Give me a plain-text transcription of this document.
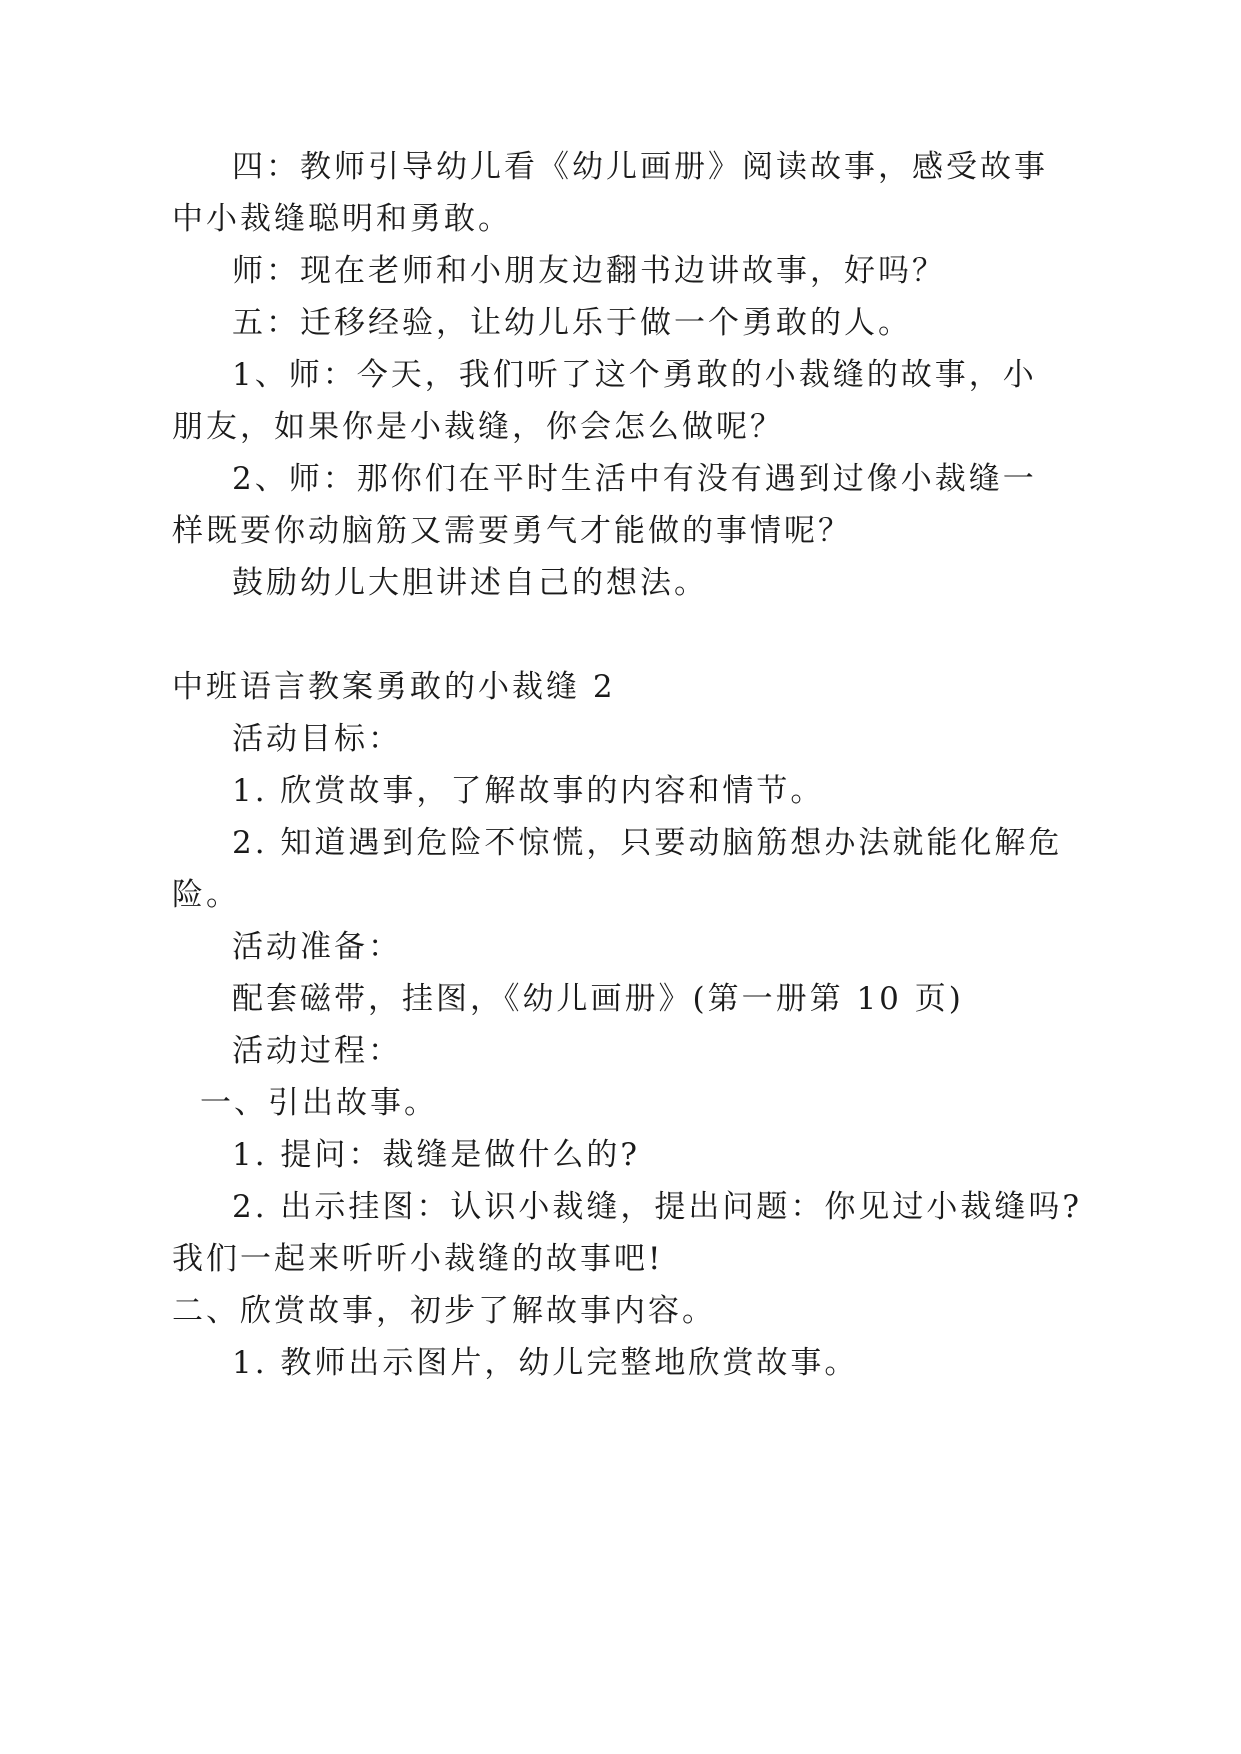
四：教师引导幼儿看《幼儿画册》阅读故事，感受故事
中小裁缝聪明和勇敢。
师：现在老师和小朋友边翻书边讲故事，好吗？
五：迁移经验，让幼儿乐于做一个勇敢的人。
1、师：今天，我们听了这个勇敢的小裁缝的故事，小
朋友，如果你是小裁缝，你会怎么做呢？
2、师：那你们在平时生活中有没有遇到过像小裁缝一
样既要你动脑筋又需要勇气才能做的事情呢？
鼓励幼儿大胆讲述自己的想法。
中班语言教案勇敢的小裁缝 2
活动目标：
1. 欣赏故事，了解故事的内容和情节。
2. 知道遇到危险不惊慌，只要动脑筋想办法就能化解危
险。
活动准备：
配套磁带，挂图，《幼儿画册》(第一册第 10 页)
活动过程：
一、引出故事。
1. 提问：裁缝是做什么的?
2. 出示挂图：认识小裁缝，提出问题：你见过小裁缝吗?
我们一起来听听小裁缝的故事吧!
二、欣赏故事，初步了解故事内容。
1. 教师出示图片，幼儿完整地欣赏故事。
